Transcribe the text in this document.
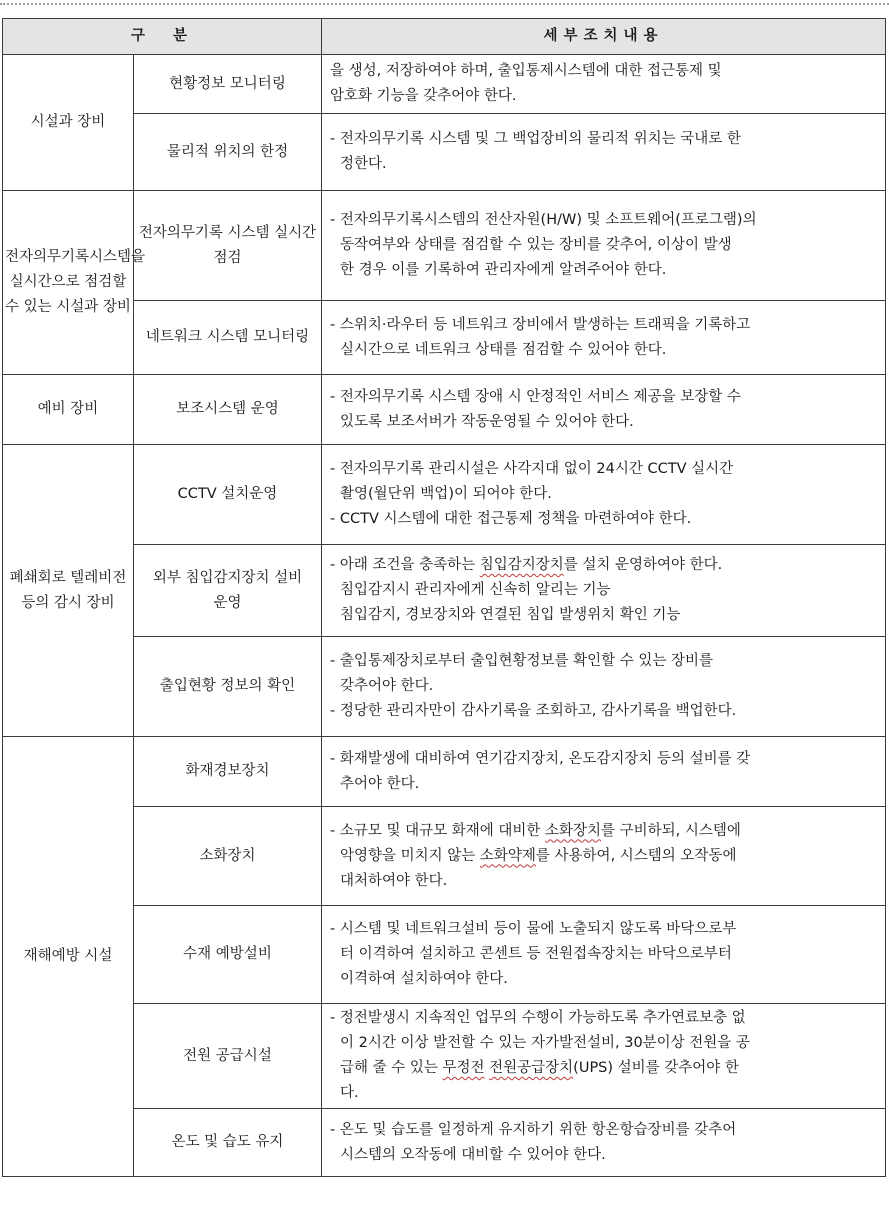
구  분		세부조치내용
시설과 장비	현황정보 모니터링	을 생성, 저장하여야 하며, 출입통제시스템에 대한 접근통제 및
암호화 기능을 갖추어야 한다.

	물리적 위치의 한정	- 전자의무기록 시스템 및 그 백업장비의 물리적 위치는 국내로 한
정한다.

전자의무기록시스템을 실시간으로 점검할 수 있는 시설과 장비	전자의무기록 시스템 실시간 점검	- 전자의무기록시스템의 전산자원(H/W) 및 소프트웨어(프로그램)의
동작여부와 상태를 점검할 수 있는 장비를 갖추어, 이상이 발생
한 경우 이를 기록하여 관리자에게 알려주어야 한다.

	네트워크 시스템 모니터링	- 스위치·라우터 등 네트워크 장비에서 발생하는 트래픽을 기록하고
실시간으로 네트워크 상태를 점검할 수 있어야 한다.

예비 장비	보조시스템 운영	- 전자의무기록 시스템 장애 시 안정적인 서비스 제공을 보장할 수
있도록 보조서버가 작동운영될 수 있어야 한다.

폐쇄회로 텔레비전 등의 감시 장비	CCTV 설치운영	- 전자의무기록 관리시설은 사각지대 없이 24시간 CCTV 실시간
촬영(월단위 백업)이 되어야 한다.
- CCTV 시스템에 대한 접근통제 정책을 마련하여야 한다.

	외부 침입감지장치 설비 운영	- 아래 조건을 충족하는 침입감지장치를 설치 운영하여야 한다.
침입감지시 관리자에게 신속히 알리는 기능
침입감지, 경보장치와 연결된 침입 발생위치 확인 기능

	출입현황 정보의 확인	- 출입통제장치로부터 출입현황정보를 확인할 수 있는 장비를
갖추어야 한다.
- 정당한 관리자만이 감사기록을 조회하고, 감사기록을 백업한다.

재해예방 시설	화재경보장치	- 화재발생에 대비하여 연기감지장치, 온도감지장치 등의 설비를 갖
추어야 한다.

	소화장치	- 소규모 및 대규모 화재에 대비한 소화장치를 구비하되, 시스템에
악영향을 미치지 않는 소화약제를 사용하여, 시스템의 오작동에
대처하여야 한다.

	수재 예방설비	- 시스템 및 네트워크설비 등이 물에 노출되지 않도록 바닥으로부
터 이격하여 설치하고 콘센트 등 전원접속장치는 바닥으로부터
이격하여 설치하여야 한다.

	전원 공급시설	- 정전발생시 지속적인 업무의 수행이 가능하도록 추가연료보충 없
이 2시간 이상 발전할 수 있는 자가발전설비, 30분이상 전원을 공
급해 줄 수 있는 무정전 전원공급장치(UPS) 설비를 갖추어야 한
다.

	온도 및 습도 유지	- 온도 및 습도를 일정하게 유지하기 위한 항온항습장비를 갖추어
시스템의 오작동에 대비할 수 있어야 한다.
